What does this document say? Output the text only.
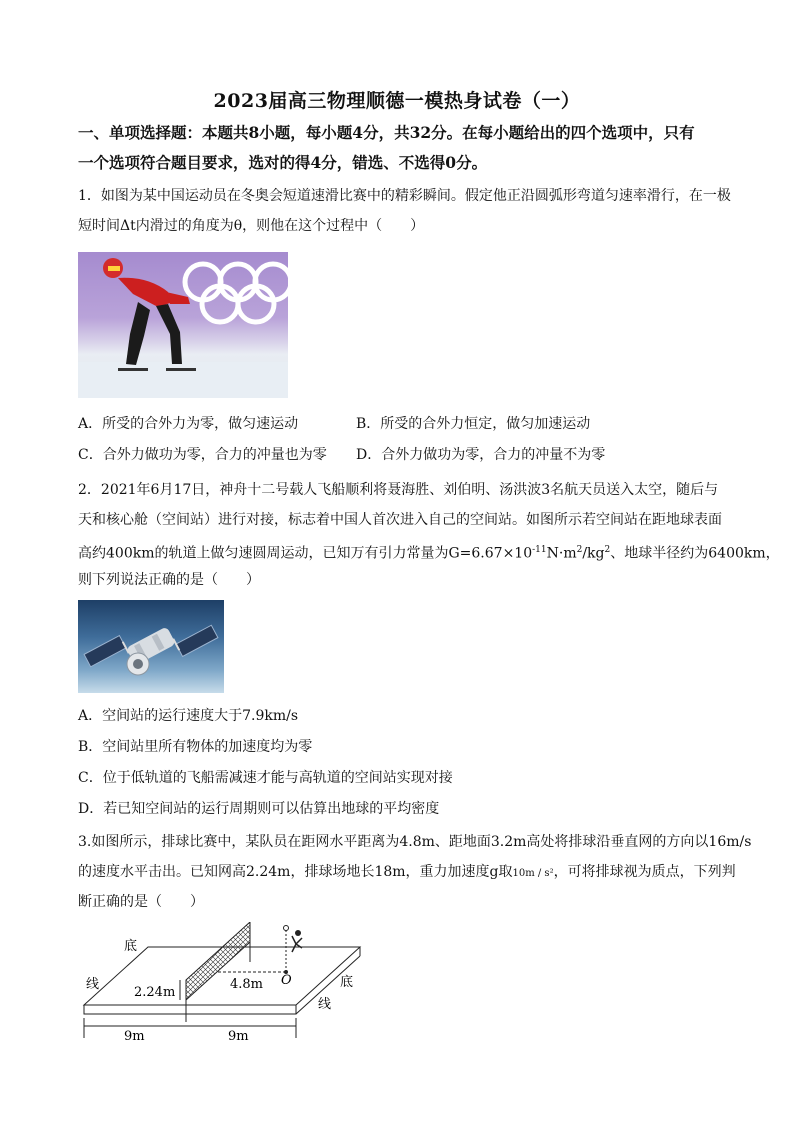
2023届高三物理顺德一模热身试卷（一）
一、单项选择题：本题共8小题，每小题4分，共32分。在每小题给出的四个选项中，只有
一个选项符合题目要求，选对的得4分，错选、不选得0分。
1．如图为某中国运动员在冬奥会短道速滑比赛中的精彩瞬间。假定他正沿圆弧形弯道匀速率滑行，在一极
短时间Δt内滑过的角度为θ，则他在这个过程中（　　）
A．所受的合外力为零，做匀速运动	B．所受的合外力恒定，做匀加速运动
C．合外力做功为零，合力的冲量也为零 D．合外力做功为零，合力的冲量不为零
2．2021年6月17日，神舟十二号载人飞船顺利将聂海胜、刘伯明、汤洪波3名航天员送入太空，随后与
天和核心舱（空间站）进行对接，标志着中国人首次进入自己的空间站。如图所示若空间站在距地球表面
高约400km的轨道上做匀速圆周运动，已知万有引力常量为$G=6.67\times 10^{-11}N\cdot m^2/kg^2$、地球半径约为6400km，
则下列说法正确的是（　　）
A．空间站的运行速度大于7.9km/s
B．空间站里所有物体的加速度均为零
C．位于低轨道的飞船需减速才能与高轨道的空间站实现对接
D．若已知空间站的运行周期则可以估算出地球的平均密度
3.如图所示，排球比赛中，某队员在距网水平距离为4.8m、距地面3.2m高处将排球沿垂直网的方向以16m/s
的速度水平击出。已知网高2.24m，排球场地长18m，重力加速度g取10m / s²，可将排球视为质点，下列判
断正确的是（　　）
底
线	底
线
2.24m
4.8m O
9m	9m
